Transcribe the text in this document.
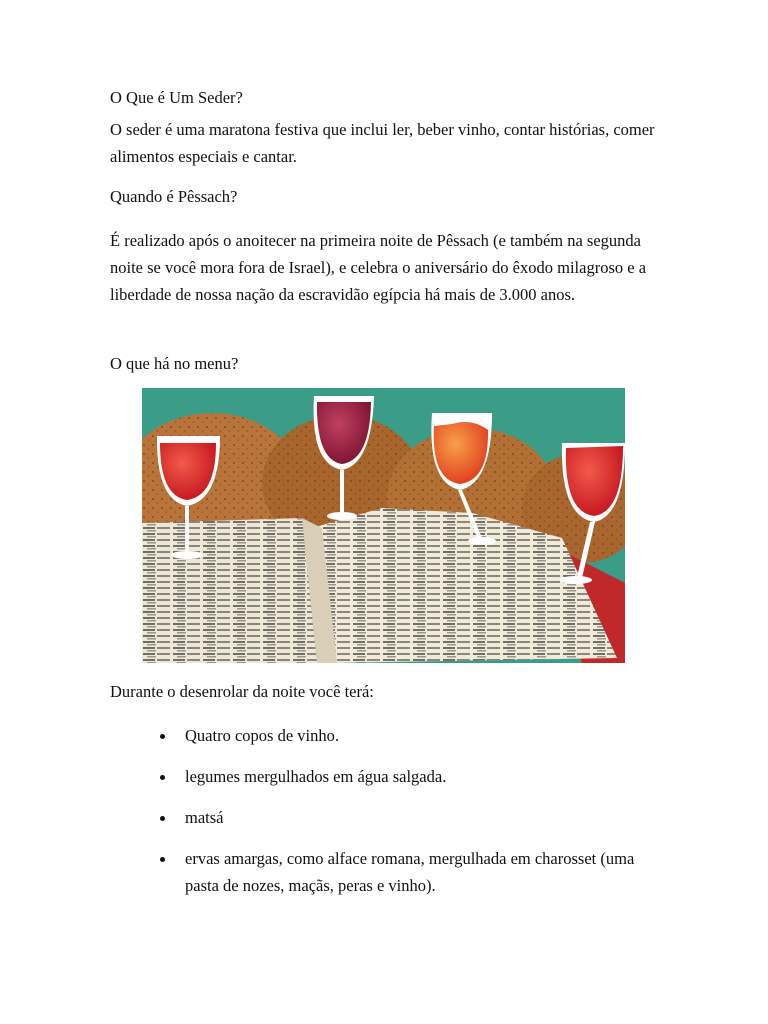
O Que é Um Seder?

O seder é uma maratona festiva que inclui ler, beber vinho, contar histórias, comer alimentos especiais e cantar.

Quando é Pêssach?

É realizado após o anoitecer na primeira noite de Pêssach (e também na segunda noite se você mora fora de Israel), e celebra o aniversário do êxodo milagroso e a liberdade de nossa nação da escravidão egípcia há mais de 3.000 anos.

O que há no menu?

Durante o desenrolar da noite você terá:

Quatro copos de vinho.
legumes mergulhados em água salgada.
matsá
ervas amargas, como alface romana, mergulhada em charosset (uma pasta de nozes, maçãs, peras e vinho).
